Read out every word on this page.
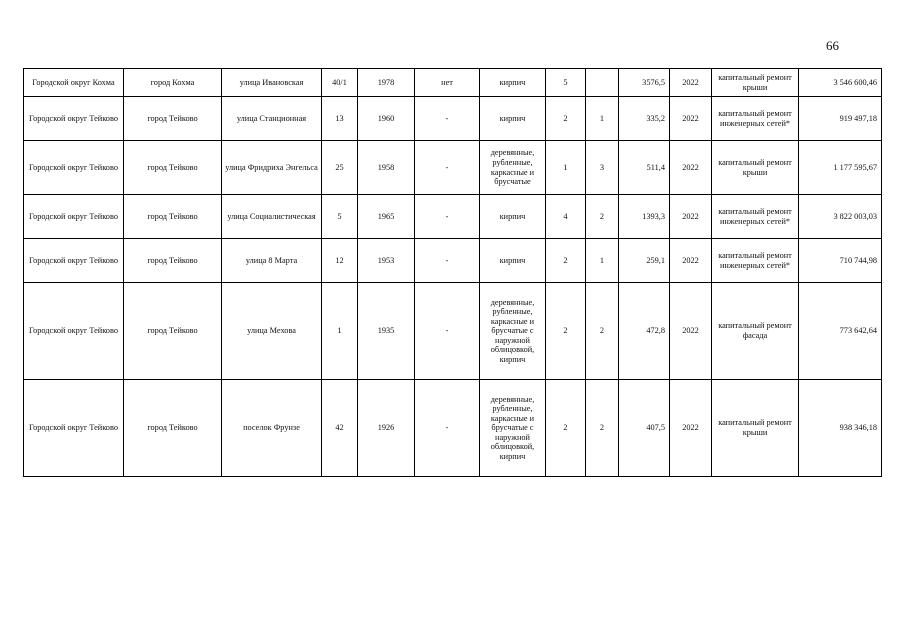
66
Городской округ Кохма	город Кохма	улица Ивановская	40/1	1978	нет	кирпич	5		3576,5	2022	капитальный ремонт крыши	3 546 600,46
Городской округ Тейково	город Тейково	улица Станционная	13	1960	-	кирпич	2	1	335,2	2022	капитальный ремонт инженерных сетей*	919 497,18
Городской округ Тейково	город Тейково	улица Фридриха Энгельса	25	1958	-	деревянные, рубленные, каркасные и брусчатые	1	3	511,4	2022	капитальный ремонт крыши	1 177 595,67
Городской округ Тейково	город Тейково	улица Социалистическая	5	1965	-	кирпич	4	2	1393,3	2022	капитальный ремонт инженерных сетей*	3 822 003,03
Городской округ Тейково	город Тейково	улица 8 Марта	12	1953	-	кирпич	2	1	259,1	2022	капитальный ремонт инженерных сетей*	710 744,98
Городской округ Тейково	город Тейково	улица Мехова	1	1935	-	деревянные, рубленные, каркасные и брусчатые с наружной облицовкой, кирпич	2	2	472,8	2022	капитальный ремонт фасада	773 642,64
Городской округ Тейково	город Тейково	поселок Фрунзе	42	1926	-	деревянные, рубленные, каркасные и брусчатые с наружной облицовкой, кирпич	2	2	407,5	2022	капитальный ремонт крыши	938 346,18
